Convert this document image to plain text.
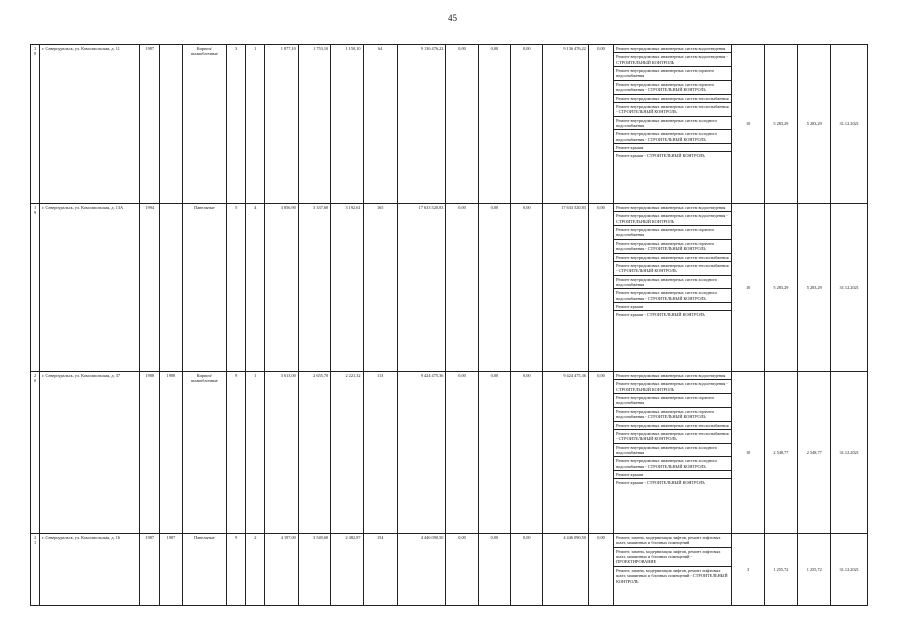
45
18	г. Североуральск, ул. Комсомольская, д. 11	1987		Кирпич/ шлакоблочные	3	1	1 877,10	1 753,10	1 150,10	64	9 136 476,22	0,00	0,00	0,00	9 136 476,22	0,00		Ремонт внутридомовых инженерных систем водоотведения
Ремонт внутридомовых инженерных систем водоотведения - СТРОИТЕЛЬНЫЙ КОНТРОЛЬ
Ремонт внутридомовых инженерных систем горячего водоснабжения
Ремонт внутридомовых инженерных систем горячего водоснабжения - СТРОИТЕЛЬНЫЙ КОНТРОЛЬ
Ремонт внутридомовых инженерных систем теплоснабжения
Ремонт внутридомовых инженерных систем теплоснабжения - СТРОИТЕЛЬНЫЙ КОНТРОЛЬ
Ремонт внутридомовых инженерных систем холодного водоснабжения
Ремонт внутридомовых инженерных систем холодного водоснабжения - СТРОИТЕЛЬНЫЙ КОНТРОЛЬ
Ремонт крыши
Ремонт крыши - СТРОИТЕЛЬНЫЙ КОНТРОЛЬ
	10	5 283,29	5 283,29	31.12.2021
19	г. Североуральск, ул. Комсомольская, д. 13А	1994		Панельные	5	4	3 856,90	3 337,60	3 192,61	165	17 633 520,83	0,00	0,00	0,00	17 633 520,83	0,00		Ремонт внутридомовых инженерных систем водоотведения
Ремонт внутридомовых инженерных систем водоотведения - СТРОИТЕЛЬНЫЙ КОНТРОЛЬ
Ремонт внутридомовых инженерных систем горячего водоснабжения
Ремонт внутридомовых инженерных систем горячего водоснабжения - СТРОИТЕЛЬНЫЙ КОНТРОЛЬ
Ремонт внутридомовых инженерных систем теплоснабжения
Ремонт внутридомовых инженерных систем теплоснабжения - СТРОИТЕЛЬНЫЙ КОНТРОЛЬ
Ремонт внутридомовых инженерных систем холодного водоснабжения
Ремонт внутридомовых инженерных систем холодного водоснабжения - СТРОИТЕЛЬНЫЙ КОНТРОЛЬ
Ремонт крыши
Ремонт крыши - СТРОИТЕЛЬНЫЙ КОНТРОЛЬ
	10	5 283,29	5 283,29	31.12.2021
20	г. Североуральск, ул. Комсомольская, д. 37	1988	1988	Кирпич/ шлакоблочные	9	1	3 613,00	2 655,70	2 221,32	113	9 424 475,36	0,00	0,00	0,00	9 424 475,36	0,00		Ремонт внутридомовых инженерных систем водоотведения
Ремонт внутридомовых инженерных систем водоотведения - СТРОИТЕЛЬНЫЙ КОНТРОЛЬ
Ремонт внутридомовых инженерных систем горячего водоснабжения
Ремонт внутридомовых инженерных систем горячего водоснабжения - СТРОИТЕЛЬНЫЙ КОНТРОЛЬ
Ремонт внутридомовых инженерных систем теплоснабжения
Ремонт внутридомовых инженерных систем теплоснабжения - СТРОИТЕЛЬНЫЙ КОНТРОЛЬ
Ремонт внутридомовых инженерных систем холодного водоснабжения
Ремонт внутридомовых инженерных систем холодного водоснабжения - СТРОИТЕЛЬНЫЙ КОНТРОЛЬ
Ремонт крыши
Ремонт крыши - СТРОИТЕЛЬНЫЙ КОНТРОЛЬ
	10	2 548,77	2 548,77	31.12.2021
21	г. Североуральск, ул. Комсомольская, д. 16	1987	1987	Панельные	9	2	4 197,00	3 549,60	2 482,87	154	4 446 090,50	0,00	0,00	0,00	4 446 090,50	0,00		Ремонт, замена, модернизация лифтов, ремонт лифтовых шахт, машинных и блочных помещений
Ремонт, замена, модернизация лифтов, ремонт лифтовых шахт, машинных и блочных помещений - ПРОЕКТИРОВАНИЕ
Ремонт, замена, модернизация лифтов, ремонт лифтовых шахт, машинных и блочных помещений - СТРОИТЕЛЬНЫЙ КОНТРОЛЬ
	3	1 255,72	1 255,72	31.12.2021
